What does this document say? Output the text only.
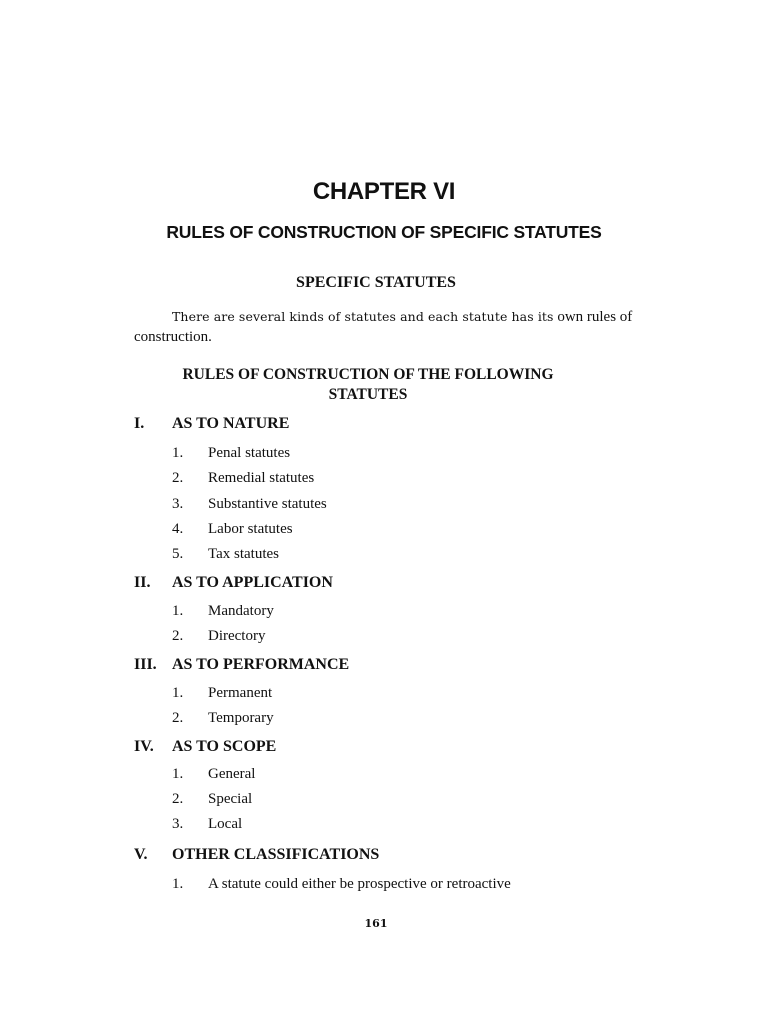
CHAPTER VI
RULES OF CONSTRUCTION OF SPECIFIC STATUTES
SPECIFIC STATUTES
There are several kinds of statutes and each statute has its own rules of construction.
RULES OF CONSTRUCTION OF THE FOLLOWING
STATUTES
I. AS TO NATURE
1. Penal statutes
2. Remedial statutes
3. Substantive statutes
4. Labor statutes
5. Tax statutes
II. AS TO APPLICATION
1. Mandatory
2. Directory
III. AS TO PERFORMANCE
1. Permanent
2. Temporary
IV. AS TO SCOPE
1. General
2. Special
3. Local
V. OTHER CLASSIFICATIONS
1. A statute could either be prospective or retroactive
161
